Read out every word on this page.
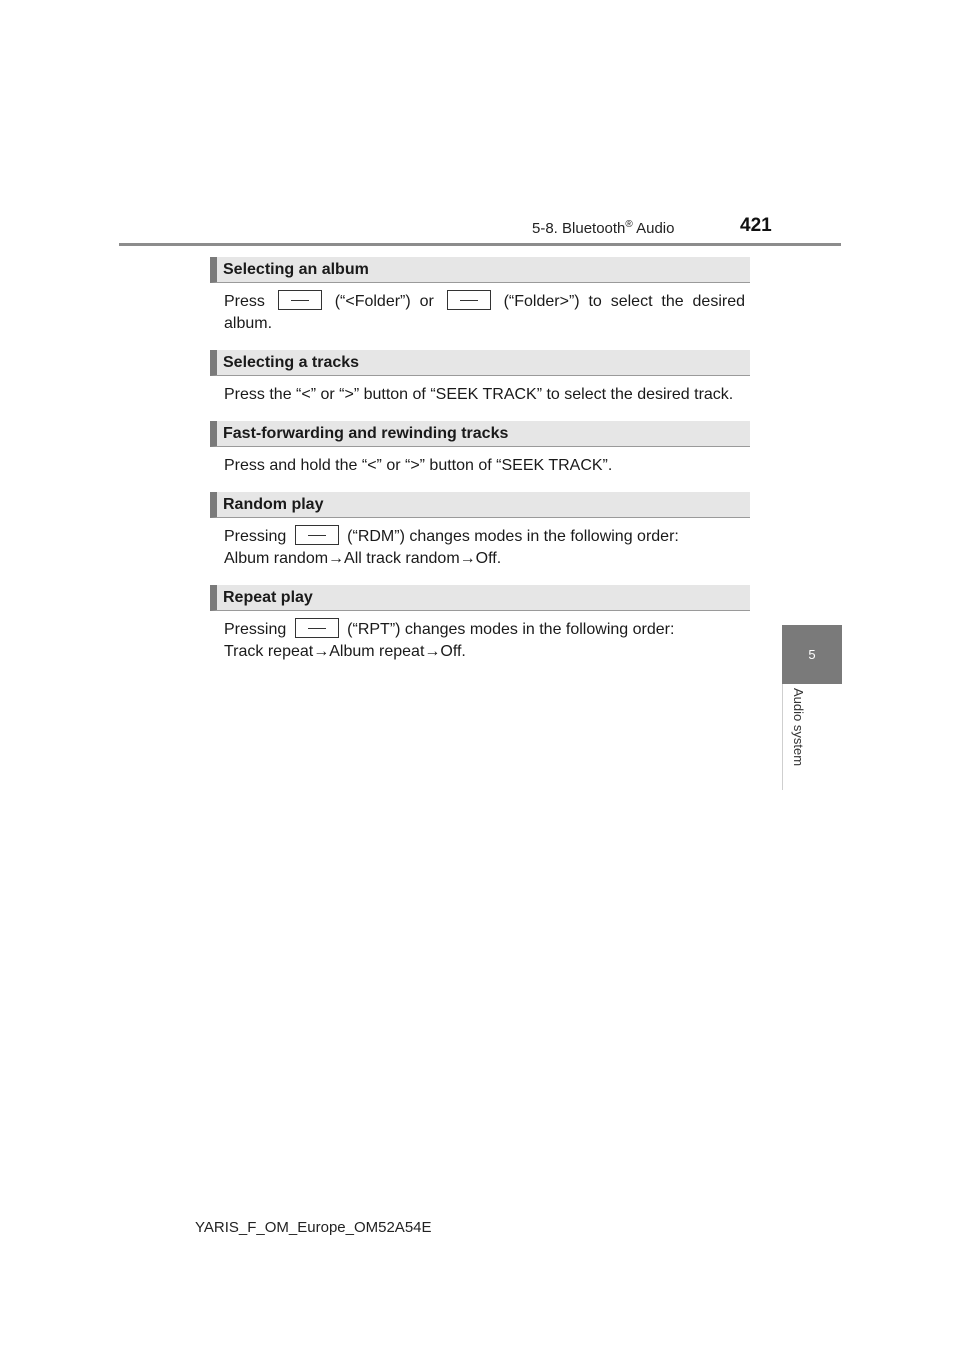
5-8. Bluetooth® Audio	421
5
Audio system
Selecting an album
Press	(“<Folder”) or	(“Folder>”) to select the desired album.
Selecting a tracks
Press the “<” or “>” button of “SEEK TRACK” to select the desired track.
Fast-forwarding and rewinding tracks
Press and hold the “<” or “>” button of “SEEK TRACK”.
Random play
Pressing	(“RDM”) changes modes in the following order:
Album random→All track random→Off.
Repeat play
Pressing	(“RPT”) changes modes in the following order:
Track repeat→Album repeat→Off.
YARIS_F_OM_Europe_OM52A54E
